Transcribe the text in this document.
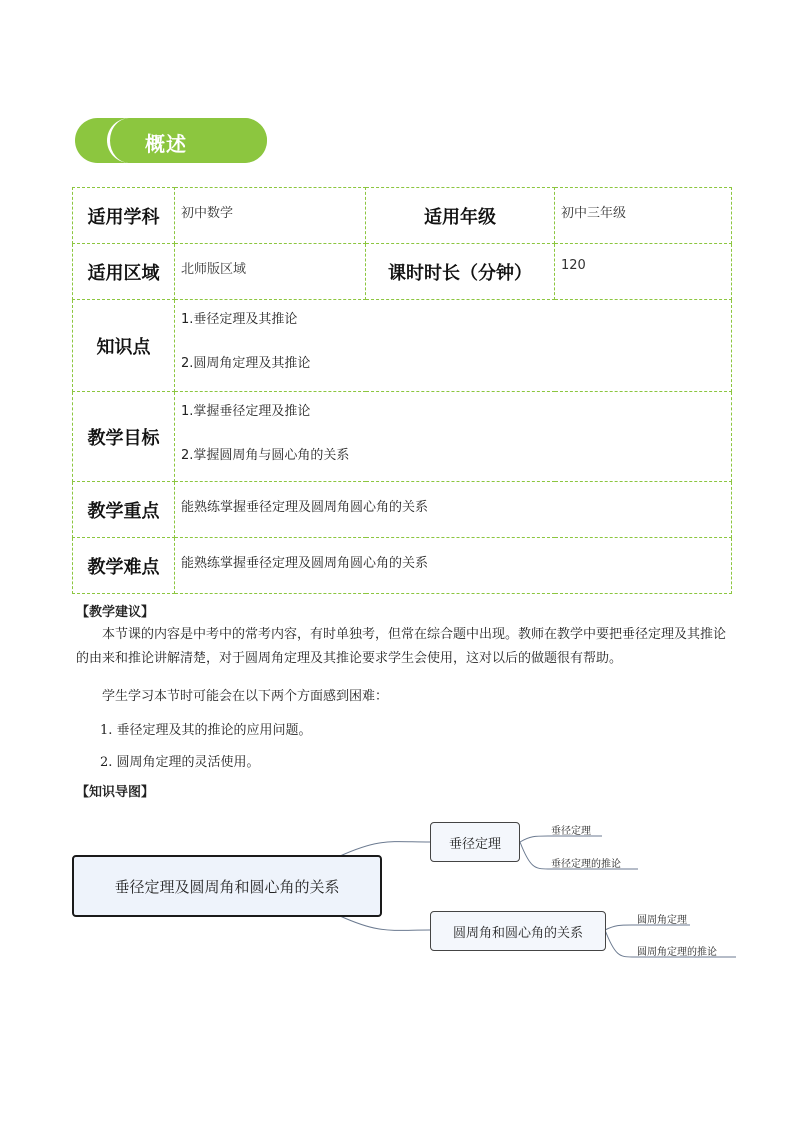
概述
适用学科	初中数学	适用年级	初中三年级
适用区域	北师版区域	课时时长（分钟）	120
知识点	1.垂径定理及其推论
2.圆周角定理及其推论		

教学目标	1.掌握垂径定理及推论
2.掌握圆周角与圆心角的关系		

教学重点	能熟练掌握垂径定理及圆周角圆心角的关系		
教学难点	能熟练掌握垂径定理及圆周角圆心角的关系		
【教学建议】
本节课的内容是中考中的常考内容，有时单独考，但常在综合题中出现。教师在教学中要把垂径定理及其推论的由来和推论讲解清楚，对于圆周角定理及其推论要求学生会使用，这对以后的做题很有帮助。
学生学习本节时可能会在以下两个方面感到困难：
1. 垂径定理及其的推论的应用问题。
2. 圆周角定理的灵活使用。
【知识导图】
垂径定理及圆周角和圆心角的关系
垂径定理
圆周角和圆心角的关系
垂径定理
垂径定理的推论
圆周角定理
圆周角定理的推论
